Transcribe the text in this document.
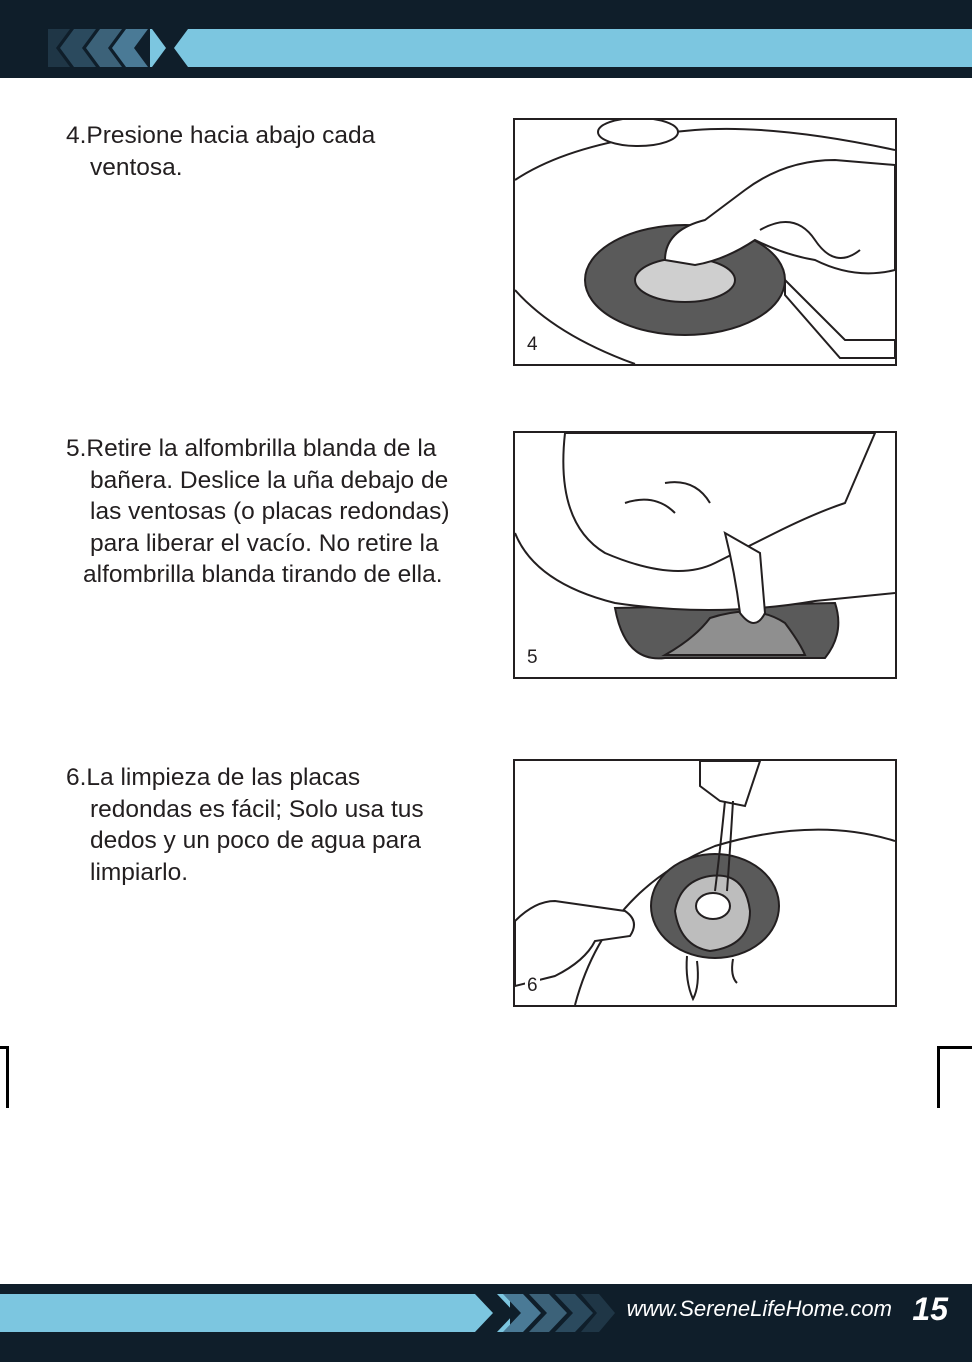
4.Presione hacia abajo cada
ventosa.
4
5.Retire la alfombrilla blanda de la
bañera. Deslice la uña debajo de
las ventosas (o placas redondas)
para liberar el vacío. No retire la
alfombrilla blanda tirando de ella.
5
6.La limpieza de las placas
redondas es fácil; Solo usa tus
dedos y un poco de agua para
limpiarlo.
6
www.SereneLifeHome.com 15
